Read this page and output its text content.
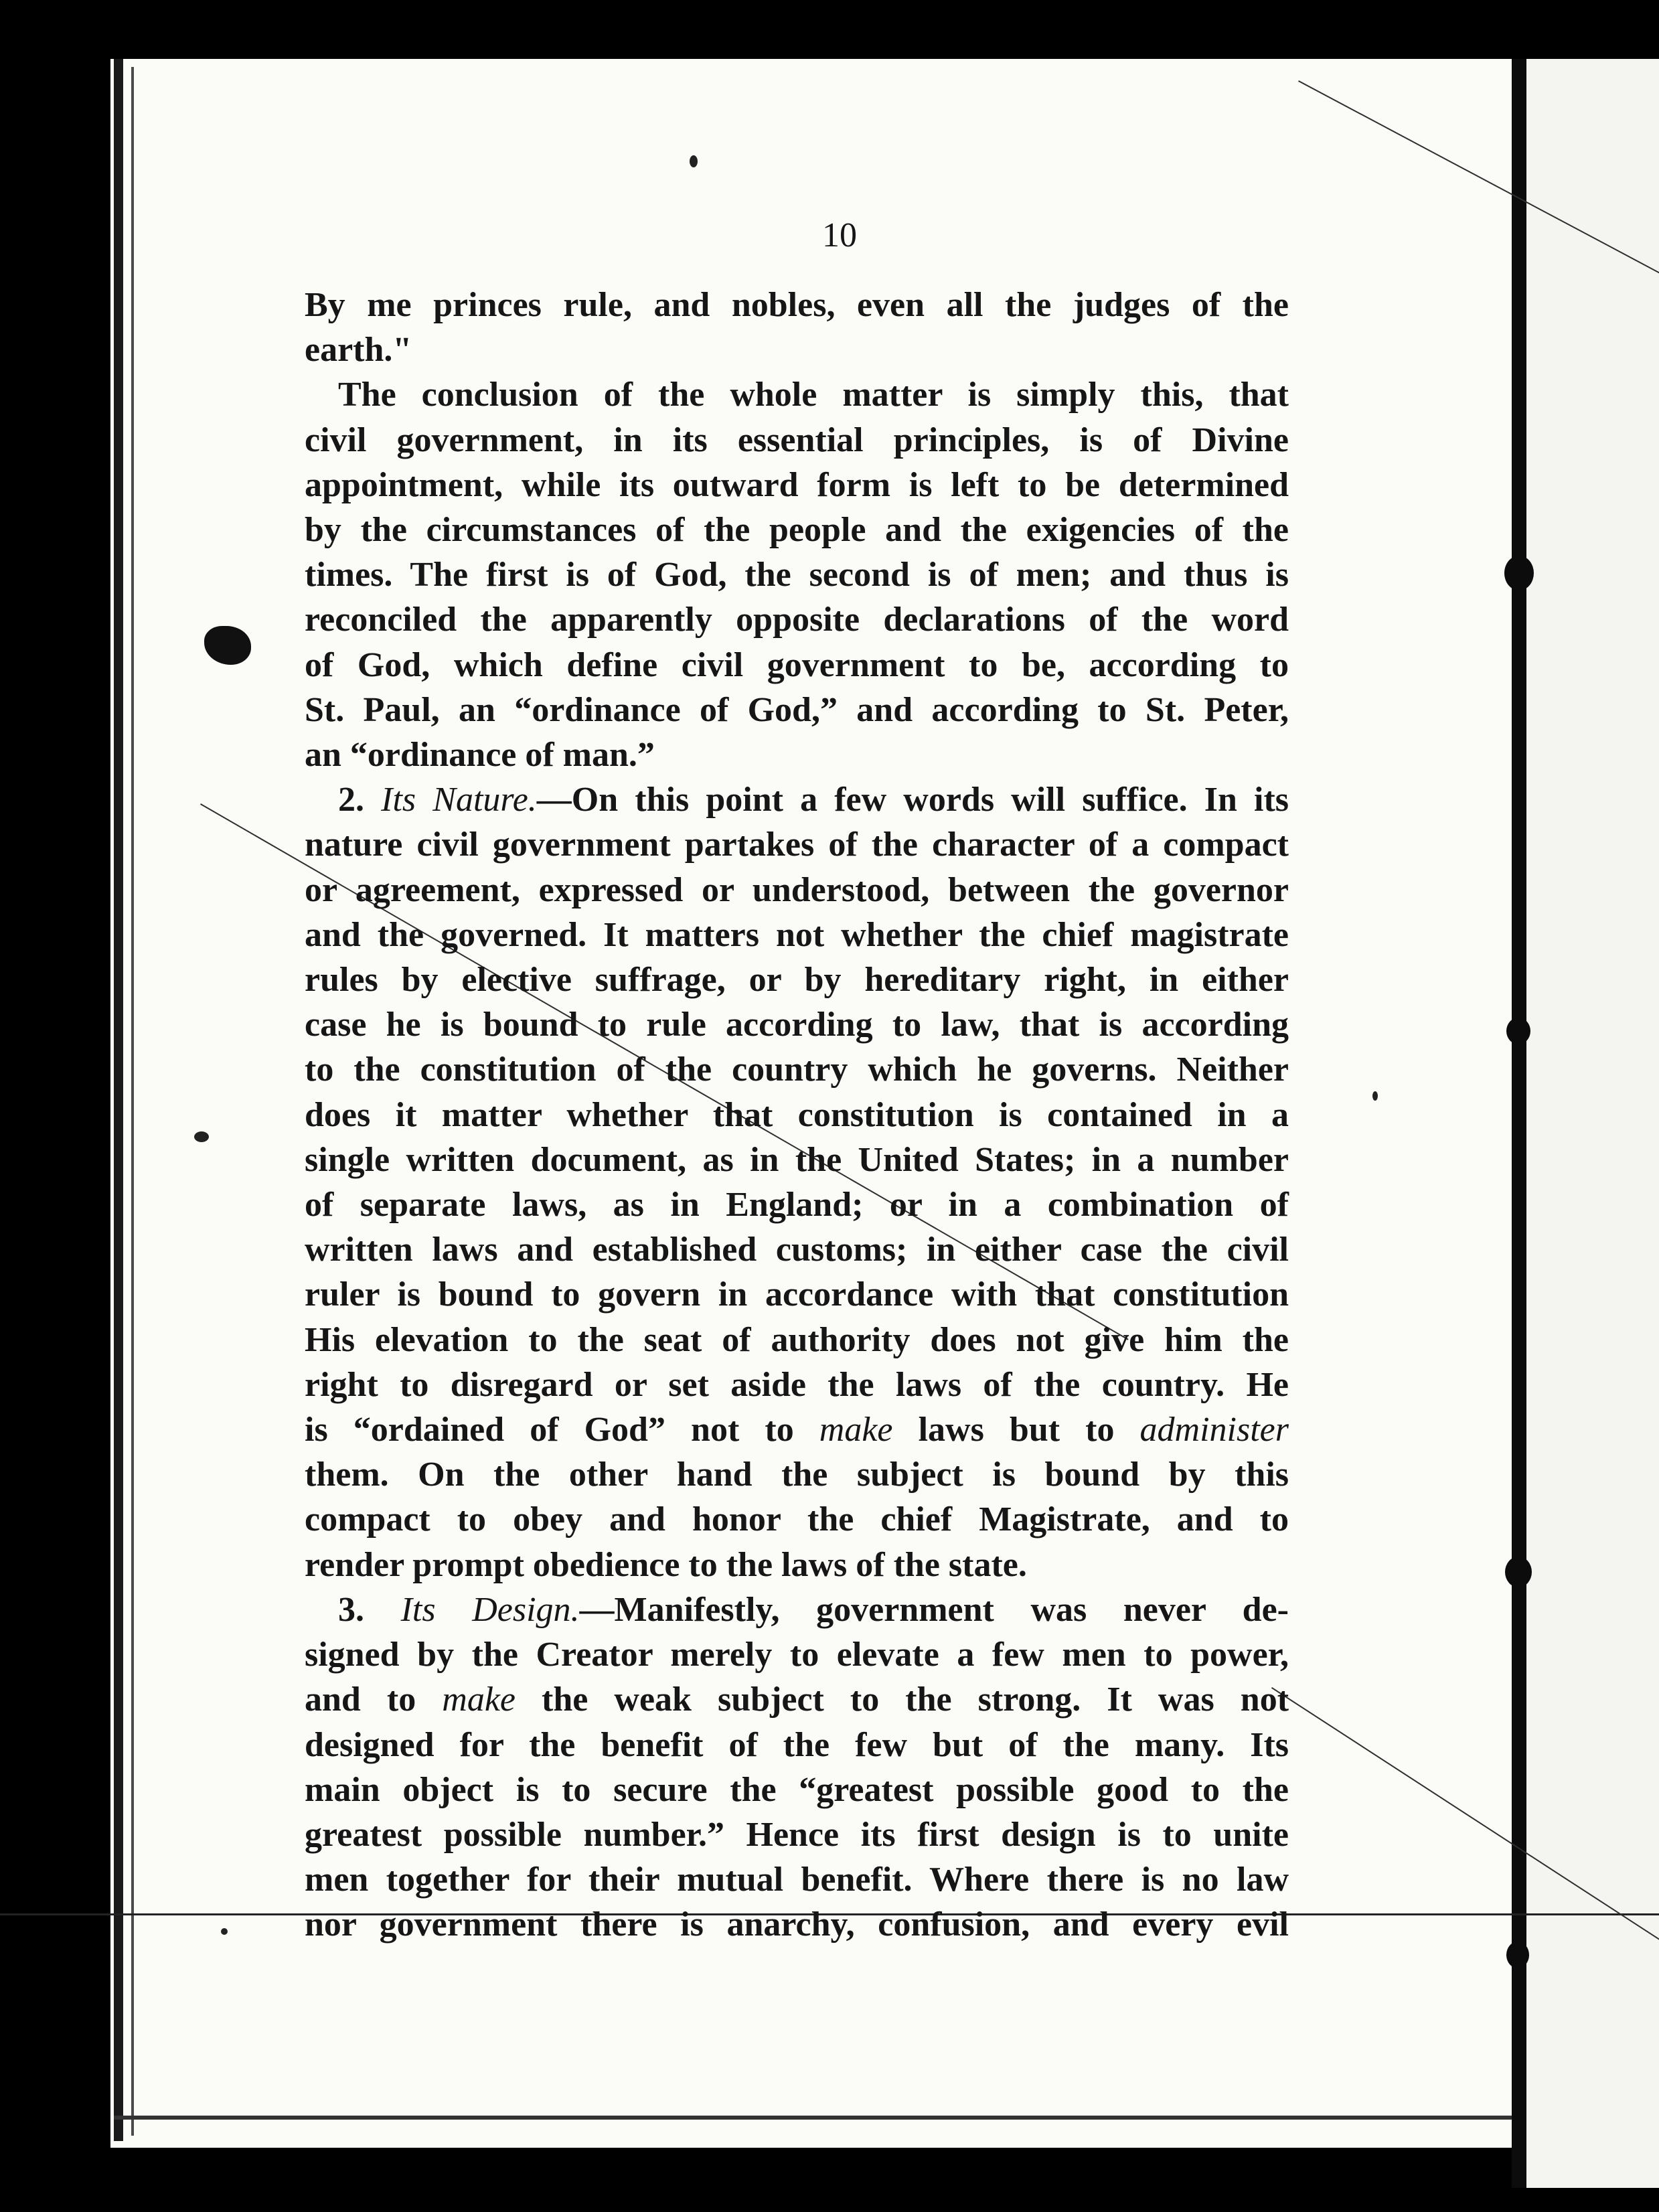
10
By me princes rule, and nobles, even all the judges of the
earth."
The conclusion of the whole matter is simply this, that
civil government, in its essential principles, is of Divine
appointment, while its outward form is left to be determined
by the circumstances of the people and the exigencies of the
times. The first is of God, the second is of men; and thus is
reconciled the apparently opposite declarations of the word
of God, which define civil government to be, according to
St. Paul, an “ordinance of God,” and according to St. Peter,
an “ordinance of man.”
2. Its Nature.—On this point a few words will suffice. In its
nature civil government partakes of the character of a compact
or agreement, expressed or understood, between the governor
and the governed. It matters not whether the chief magistrate
rules by elective suffrage, or by hereditary right, in either
case he is bound to rule according to law, that is according
to the constitution of the country which he governs. Neither
does it matter whether that constitution is contained in a
single written document, as in the United States; in a number
of separate laws, as in England; or in a combination of
written laws and established customs; in either case the civil
ruler is bound to govern in accordance with that constitution
His elevation to the seat of authority does not give him the
right to disregard or set aside the laws of the country. He
is “ordained of God” not to make laws but to administer
them. On the other hand the subject is bound by this
compact to obey and honor the chief Magistrate, and to
render prompt obedience to the laws of the state.
3. Its Design.—Manifestly, government was never de-
signed by the Creator merely to elevate a few men to power,
and to make the weak subject to the strong. It was not
designed for the benefit of the few but of the many. Its
main object is to secure the “greatest possible good to the
greatest possible number.” Hence its first design is to unite
men together for their mutual benefit. Where there is no law
nor government there is anarchy, confusion, and every evil
